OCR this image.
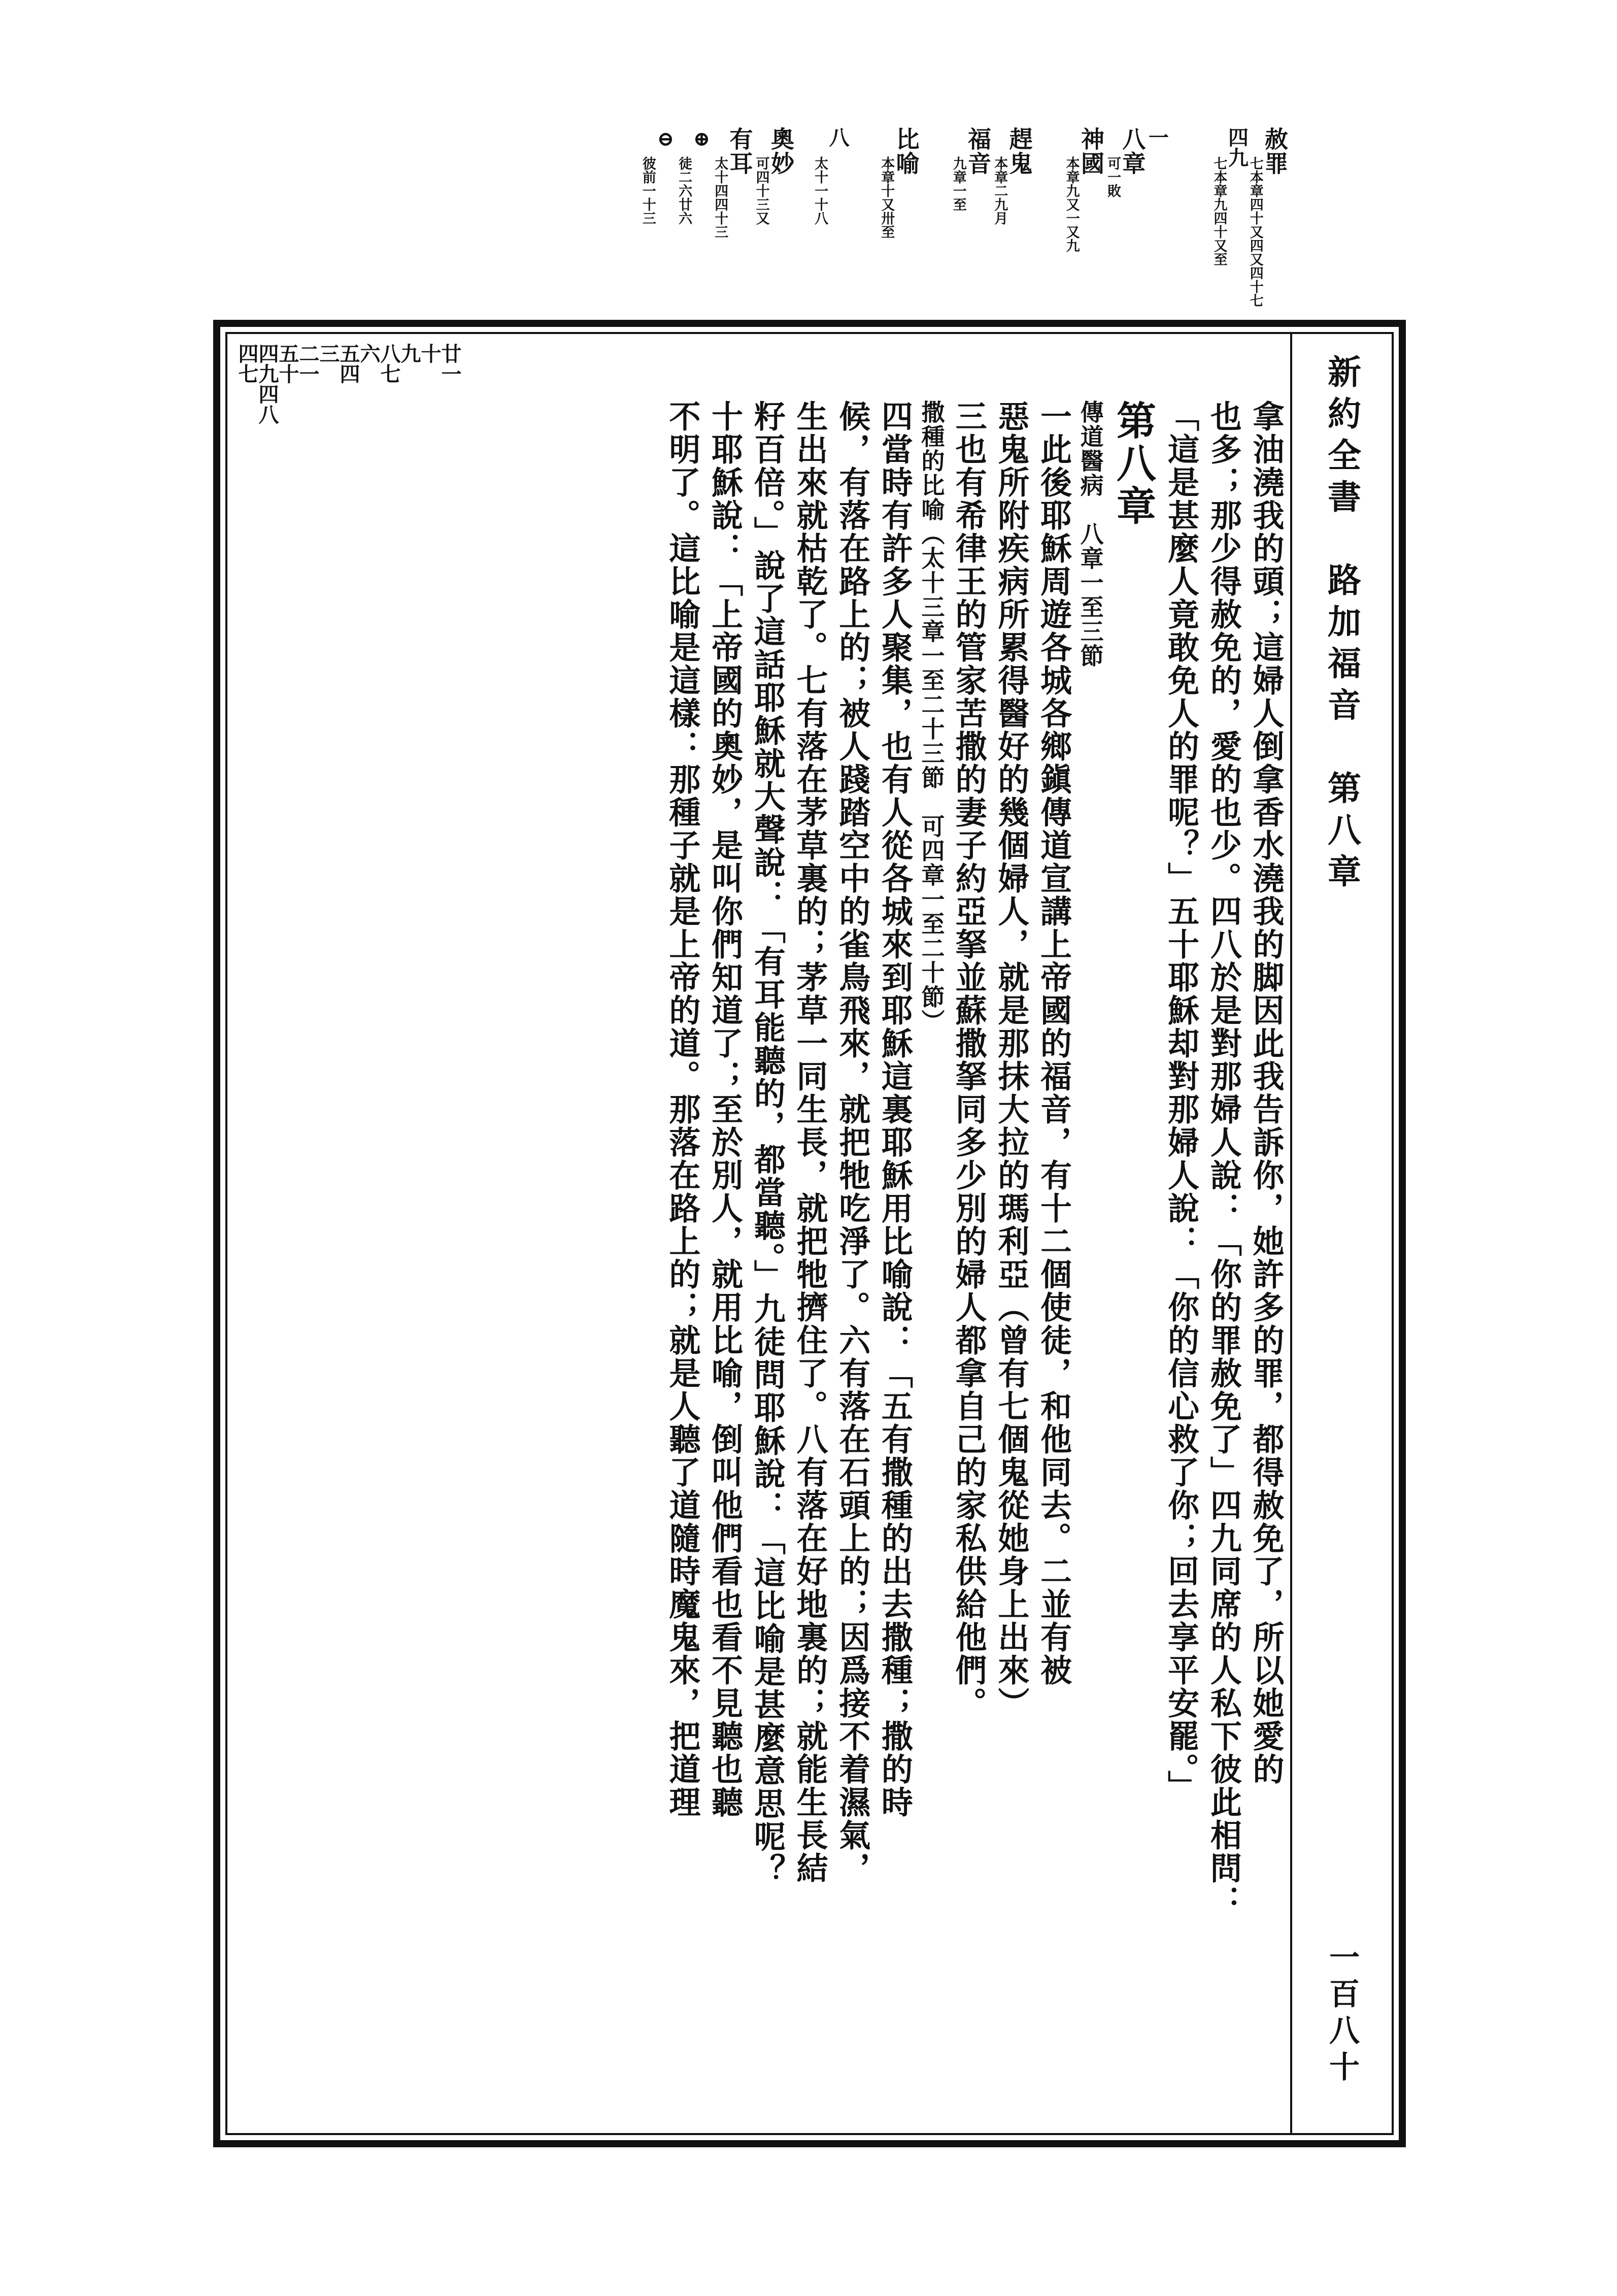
赦罪
七本章四十又四又四十七
四九
七本章九四十又至
一
八章
可一敗
神國
本章九又一又九
趕鬼
本章二九月
福音
九章一至
比喻
本章十又卅至
八
太十一十八
奧妙
可四十三又
有耳
太十四四十三
⊕
徒二六廿六
⊖
彼前一十三
新約全書　路加福音　第八章
一百八十
四七
四九四八
五十
二一
三
五四
六
八七
九
十
廿一
拿油澆我的頭；這婦人倒拿香水澆我的脚因此我告訴你，她許多的罪，都得赦免了，所以她愛的
也多；那少得赦免的，愛的也少。四八於是對那婦人說：「你的罪赦免了」四九同席的人私下彼此相問：
「這是甚麼人竟敢免人的罪呢？」五十耶穌却對那婦人說：「你的信心救了你；回去享平安罷。」
第八章
傳道醫病　八章一至三節
一此後耶穌周遊各城各鄉鎭傳道宣講上帝國的福音，有十二個使徒，和他同去。二並有被
惡鬼所附疾病所累得醫好的幾個婦人，就是那抹大拉的瑪利亞（曾有七個鬼從她身上出來）
三也有希律王的管家苦撒的妻子約亞拏並蘇撒拏同多少別的婦人都拿自己的家私供給他們。
撒種的比喻（太十三章一至二十三節　可四章一至二十節）
四當時有許多人聚集，也有人從各城來到耶穌這裏耶穌用比喻說：「五有撒種的出去撒種；撒的時
候，有落在路上的；被人踐踏空中的雀鳥飛來，就把牠吃淨了。六有落在石頭上的；因爲接不着濕氣，
生出來就枯乾了。七有落在茅草裏的；茅草一同生長，就把牠擠住了。八有落在好地裏的；就能生長結
籽百倍。」說了這話耶穌就大聲說：「有耳能聽的，都當聽。」九徒問耶穌說：「這比喻是甚麼意思呢？
十耶穌說：「上帝國的奧妙，是叫你們知道了；至於別人，就用比喻，倒叫他們看也看不見聽也聽
不明了。這比喻是這樣：那種子就是上帝的道。那落在路上的；就是人聽了道隨時魔鬼來，把道理
